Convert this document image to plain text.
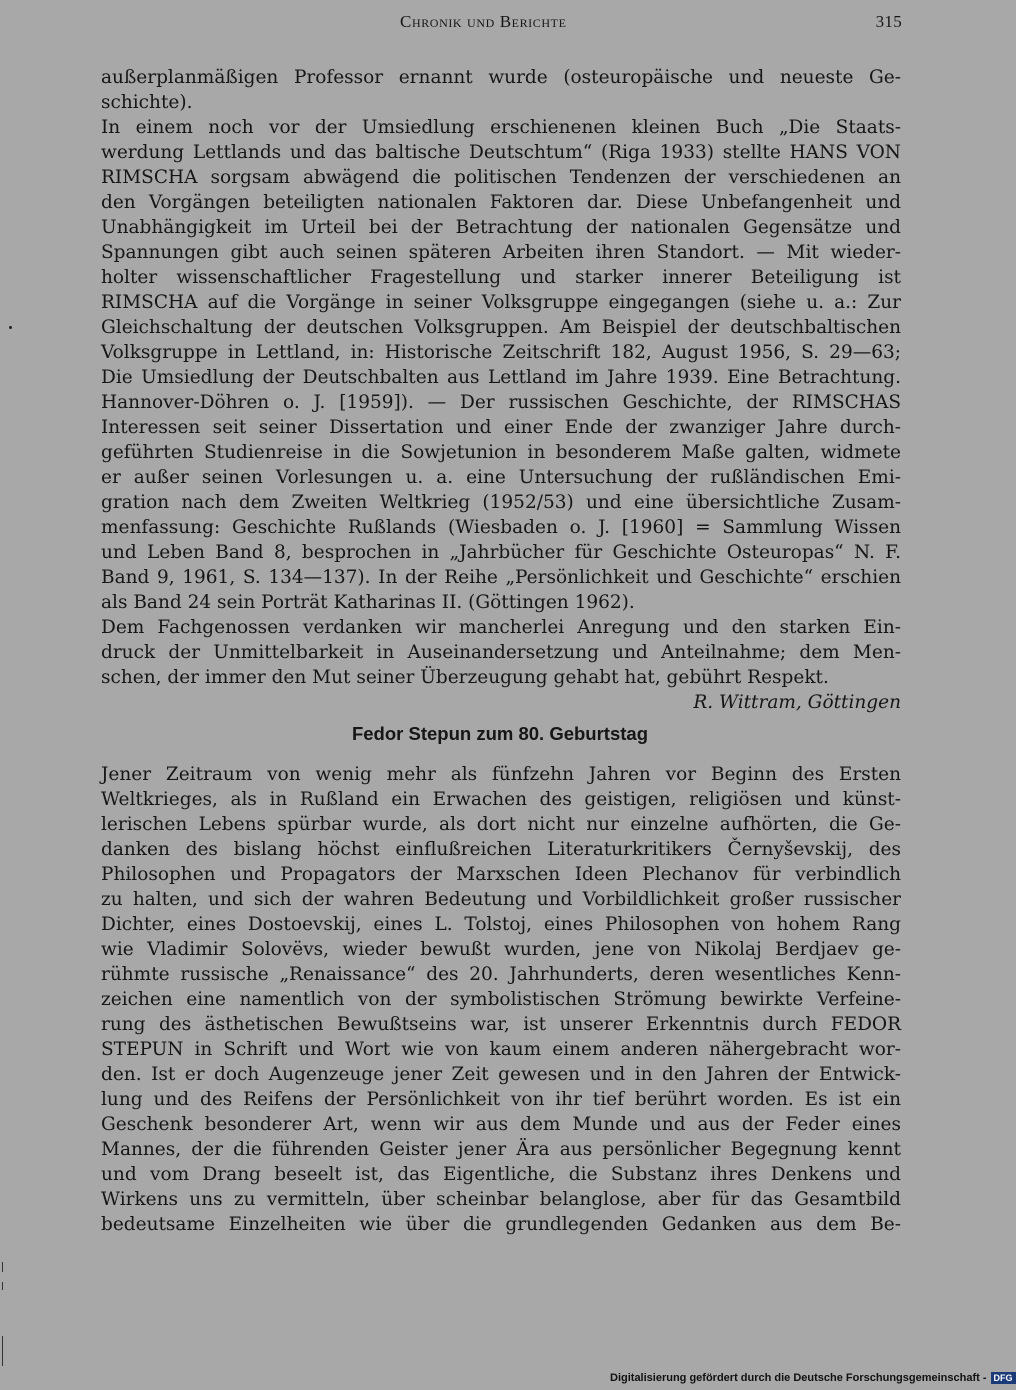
Chronik und Berichte	315
außerplanmäßigen Professor ernannt wurde (osteuropäische und neueste Ge-
schichte).
In einem noch vor der Umsiedlung erschienenen kleinen Buch „Die Staats-
werdung Lettlands und das baltische Deutschtum“ (Riga 1933) stellte HANS VON
RIMSCHA sorgsam abwägend die politischen Tendenzen der verschiedenen an
den Vorgängen beteiligten nationalen Faktoren dar. Diese Unbefangenheit und
Unabhängigkeit im Urteil bei der Betrachtung der nationalen Gegensätze und
Spannungen gibt auch seinen späteren Arbeiten ihren Standort. — Mit wieder-
holter wissenschaftlicher Fragestellung und starker innerer Beteiligung ist
RIMSCHA auf die Vorgänge in seiner Volksgruppe eingegangen (siehe u. a.: Zur
Gleichschaltung der deutschen Volksgruppen. Am Beispiel der deutschbaltischen
Volksgruppe in Lettland, in: Historische Zeitschrift 182, August 1956, S. 29—63;
Die Umsiedlung der Deutschbalten aus Lettland im Jahre 1939. Eine Betrachtung.
Hannover-Döhren o. J. [1959]). — Der russischen Geschichte, der RIMSCHAS
Interessen seit seiner Dissertation und einer Ende der zwanziger Jahre durch-
geführten Studienreise in die Sowjetunion in besonderem Maße galten, widmete
er außer seinen Vorlesungen u. a. eine Untersuchung der rußländischen Emi-
gration nach dem Zweiten Weltkrieg (1952/53) und eine übersichtliche Zusam-
menfassung: Geschichte Rußlands (Wiesbaden o. J. [1960] = Sammlung Wissen
und Leben Band 8, besprochen in „Jahrbücher für Geschichte Osteuropas“ N. F.
Band 9, 1961, S. 134—137). In der Reihe „Persönlichkeit und Geschichte“ erschien
als Band 24 sein Porträt Katharinas II. (Göttingen 1962).
Dem Fachgenossen verdanken wir mancherlei Anregung und den starken Ein-
druck der Unmittelbarkeit in Auseinandersetzung und Anteilnahme; dem Men-
schen, der immer den Mut seiner Überzeugung gehabt hat, gebührt Respekt.
R. Wittram, Göttingen
Fedor Stepun zum 80. Geburtstag
Jener Zeitraum von wenig mehr als fünfzehn Jahren vor Beginn des Ersten
Weltkrieges, als in Rußland ein Erwachen des geistigen, religiösen und künst-
lerischen Lebens spürbar wurde, als dort nicht nur einzelne aufhörten, die Ge-
danken des bislang höchst einflußreichen Literaturkritikers Černyševskij, des
Philosophen und Propagators der Marxschen Ideen Plechanov für verbindlich
zu halten, und sich der wahren Bedeutung und Vorbildlichkeit großer russischer
Dichter, eines Dostoevskij, eines L. Tolstoj, eines Philosophen von hohem Rang
wie Vladimir Solovëvs, wieder bewußt wurden, jene von Nikolaj Berdjaev ge-
rühmte russische „Renaissance“ des 20. Jahrhunderts, deren wesentliches Kenn-
zeichen eine namentlich von der symbolistischen Strömung bewirkte Verfeine-
rung des ästhetischen Bewußtseins war, ist unserer Erkenntnis durch FEDOR
STEPUN in Schrift und Wort wie von kaum einem anderen nähergebracht wor-
den. Ist er doch Augenzeuge jener Zeit gewesen und in den Jahren der Entwick-
lung und des Reifens der Persönlichkeit von ihr tief berührt worden. Es ist ein
Geschenk besonderer Art, wenn wir aus dem Munde und aus der Feder eines
Mannes, der die führenden Geister jener Ära aus persönlicher Begegnung kennt
und vom Drang beseelt ist, das Eigentliche, die Substanz ihres Denkens und
Wirkens uns zu vermitteln, über scheinbar belanglose, aber für das Gesamtbild
bedeutsame Einzelheiten wie über die grundlegenden Gedanken aus dem Be-
Digitalisierung gefördert durch die Deutsche Forschungsgemeinschaft - DFG
